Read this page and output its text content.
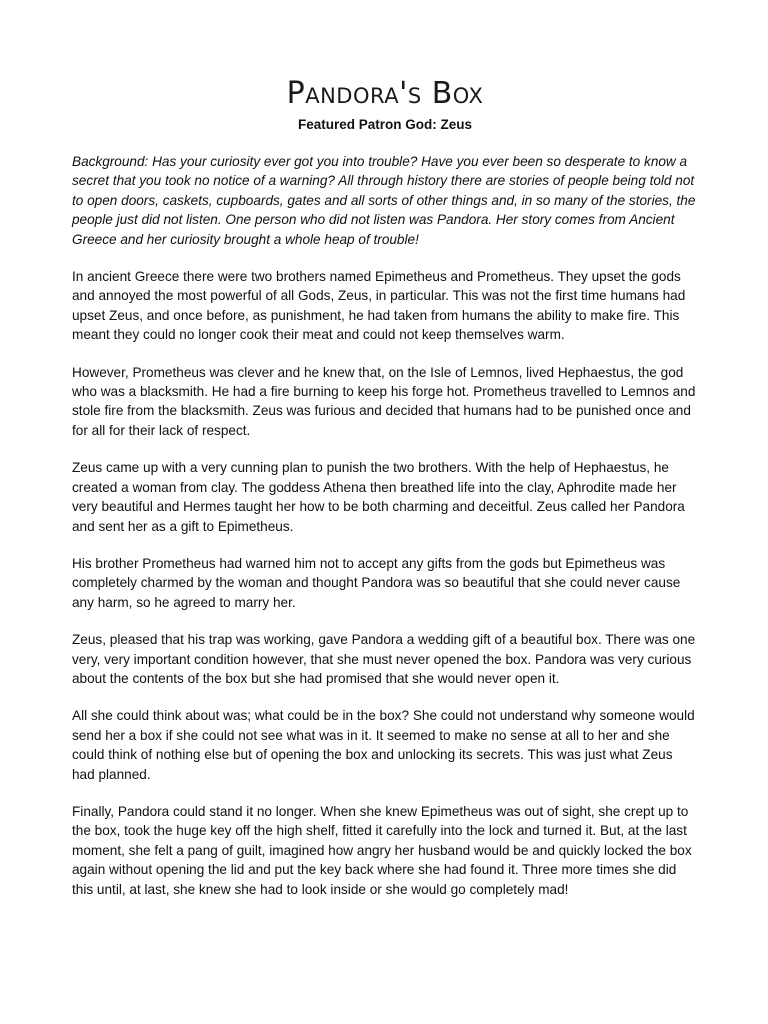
Pandora's Box
Featured Patron God: Zeus

Background: Has your curiosity ever got you into trouble? Have you ever been so desperate to know a secret that you took no notice of a warning? All through history there are stories of people being told not to open doors, caskets, cupboards, gates and all sorts of other things and, in so many of the stories, the people just did not listen. One person who did not listen was Pandora. Her story comes from Ancient Greece and her curiosity brought a whole heap of trouble!

In ancient Greece there were two brothers named Epimetheus and Prometheus. They upset the gods and annoyed the most powerful of all Gods, Zeus, in particular. This was not the first time humans had upset Zeus, and once before, as punishment, he had taken from humans the ability to make fire. This meant they could no longer cook their meat and could not keep themselves warm.

However, Prometheus was clever and he knew that, on the Isle of Lemnos, lived Hephaestus, the god who was a blacksmith. He had a fire burning to keep his forge hot. Prometheus travelled to Lemnos and stole fire from the blacksmith. Zeus was furious and decided that humans had to be punished once and for all for their lack of respect.

Zeus came up with a very cunning plan to punish the two brothers. With the help of Hephaestus, he created a woman from clay. The goddess Athena then breathed life into the clay, Aphrodite made her very beautiful and Hermes taught her how to be both charming and deceitful. Zeus called her Pandora and sent her as a gift to Epimetheus.

His brother Prometheus had warned him not to accept any gifts from the gods but Epimetheus was completely charmed by the woman and thought Pandora was so beautiful that she could never cause any harm, so he agreed to marry her.

Zeus, pleased that his trap was working, gave Pandora a wedding gift of a beautiful box. There was one very, very important condition however, that she must never opened the box. Pandora was very curious about the contents of the box but she had promised that she would never open it.

All she could think about was; what could be in the box? She could not understand why someone would send her a box if she could not see what was in it. It seemed to make no sense at all to her and she could think of nothing else but of opening the box and unlocking its secrets. This was just what Zeus had planned.

Finally, Pandora could stand it no longer. When she knew Epimetheus was out of sight, she crept up to the box, took the huge key off the high shelf, fitted it carefully into the lock and turned it. But, at the last moment, she felt a pang of guilt, imagined how angry her husband would be and quickly locked the box again without opening the lid and put the key back where she had found it. Three more times she did this until, at last, she knew she had to look inside or she would go completely mad!
